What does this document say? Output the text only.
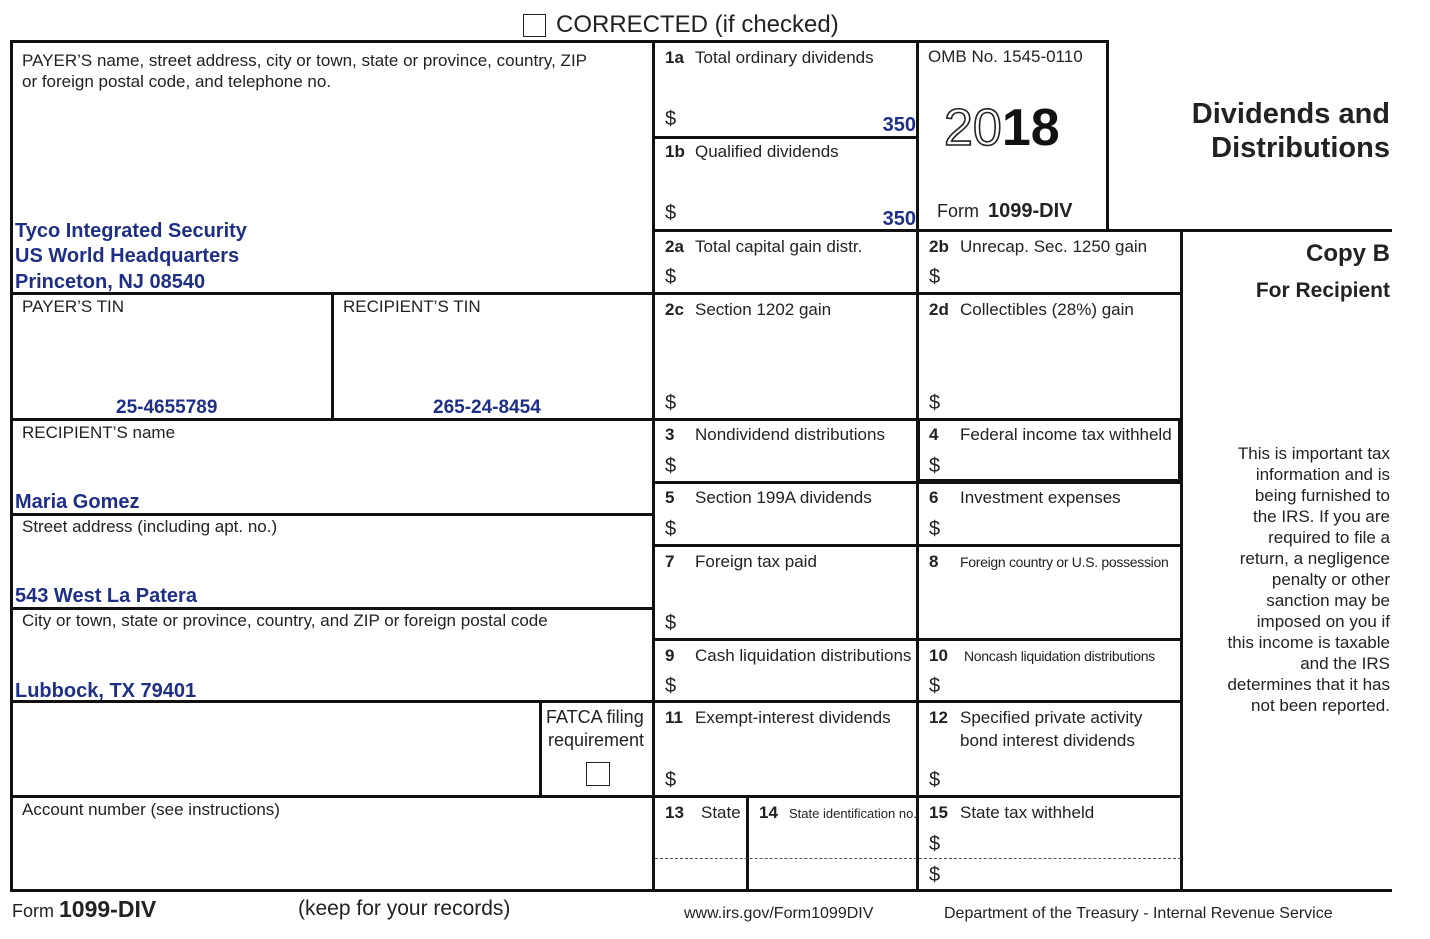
CORRECTED (if checked)
PAYER’S name, street address, city or town, state or province, country, ZIP
or foreign postal code, and telephone no.
Tyco Integrated Security
US World Headquarters
Princeton, NJ 08540
PAYER’S TIN
25-4655789
RECIPIENT’S TIN
265-24-8454
RECIPIENT’S name
Maria Gomez
Street address (including apt. no.)
543 West La Patera
City or town, state or province, country, and ZIP or foreign postal code
Lubbock, TX 79401
FATCA filing
requirement
Account number (see instructions)
1a Total ordinary dividends
$	350
1b Qualified dividends
$	350
2a Total capital gain distr.
$
2c Section 1202 gain
$
3 Nondividend distributions
$
5 Section 199A dividends
$
7 Foreign tax paid
$
9 Cash liquidation distributions
$
11 Exempt-interest dividends
$
13 State 14 State identification no.
OMB No. 1545-0110
2018
Form 1099-DIV
2b Unrecap. Sec. 1250 gain
$
2d Collectibles (28%) gain
$
4 Federal income tax withheld
$
6 Investment expenses
$
8 Foreign country or U.S. possession
10 Noncash liquidation distributions
$
12 Specified private activity
bond interest dividends
$
15 State tax withheld
$
$
Dividends and
Distributions
Copy B
For Recipient
This is important tax
information and is
being furnished to
the IRS. If you are
required to file a
return, a negligence
penalty or other
sanction may be
imposed on you if
this income is taxable
and the IRS
determines that it has
not been reported.
Form 1099-DIV	(keep for your records)	www.irs.gov/Form1099DIV	Department of the Treasury - Internal Revenue Service
